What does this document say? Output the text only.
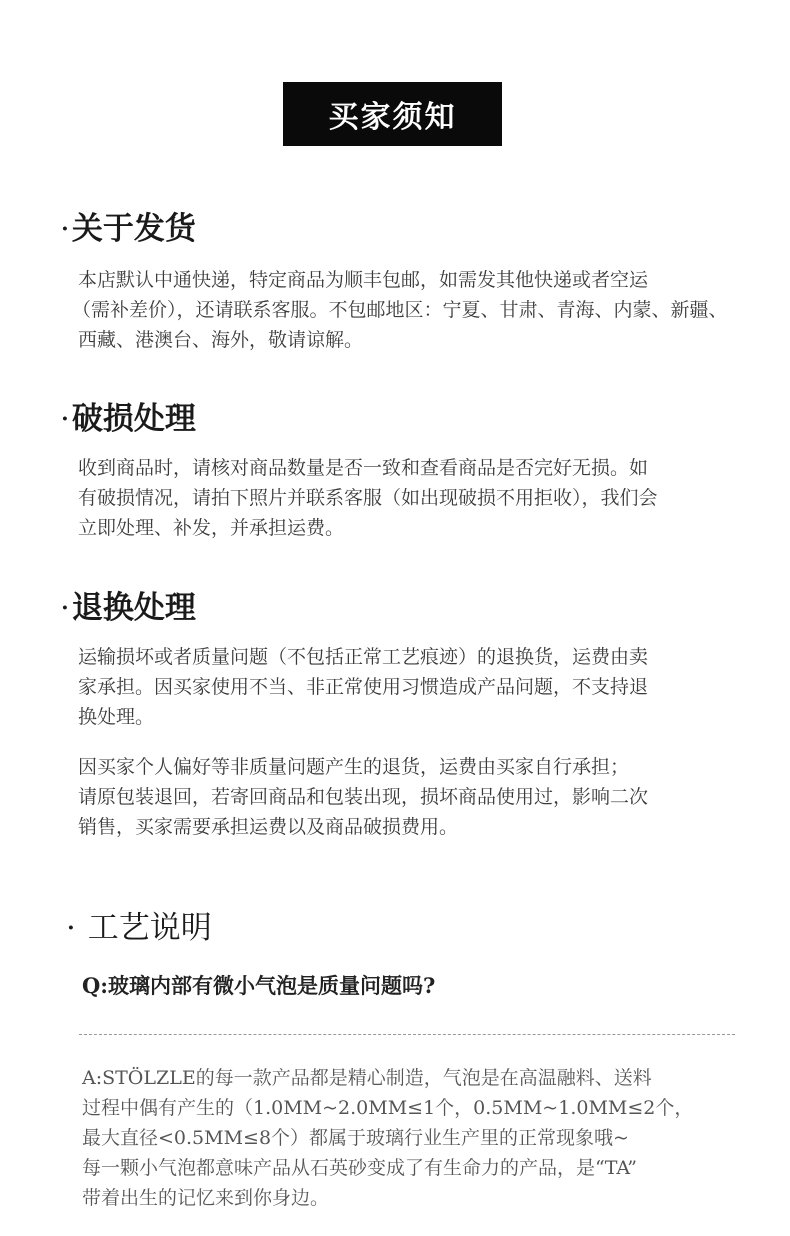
买家须知
·关于发货

本店默认中通快递，特定商品为顺丰包邮，如需发其他快递或者空运
（需补差价），还请联系客服。不包邮地区：宁夏、甘肃、青海、内蒙、新疆、
西藏、港澳台、海外，敬请谅解。

·破损处理

收到商品时，请核对商品数量是否一致和查看商品是否完好无损。如
有破损情况，请拍下照片并联系客服（如出现破损不用拒收），我们会
立即处理、补发，并承担运费。

·退换处理

运输损坏或者质量问题（不包括正常工艺痕迹）的退换货，运费由卖
家承担。因买家使用不当、非正常使用习惯造成产品问题，不支持退
换处理。

因买家个人偏好等非质量问题产生的退货，运费由买家自行承担；
请原包装退回，若寄回商品和包装出现，损坏商品使用过，影响二次
销售，买家需要承担运费以及商品破损费用。

· 工艺说明
Q:玻璃内部有微小气泡是质量问题吗?

A:STÖLZLE的每一款产品都是精心制造，气泡是在高温融料、送料
过程中偶有产生的（1.0MM~2.0MM≤1个，0.5MM~1.0MM≤2个，
最大直径<0.5MM≤8个）都属于玻璃行业生产里的正常现象哦~
每一颗小气泡都意味产品从石英砂变成了有生命力的产品，是“TA”
带着出生的记忆来到你身边。
